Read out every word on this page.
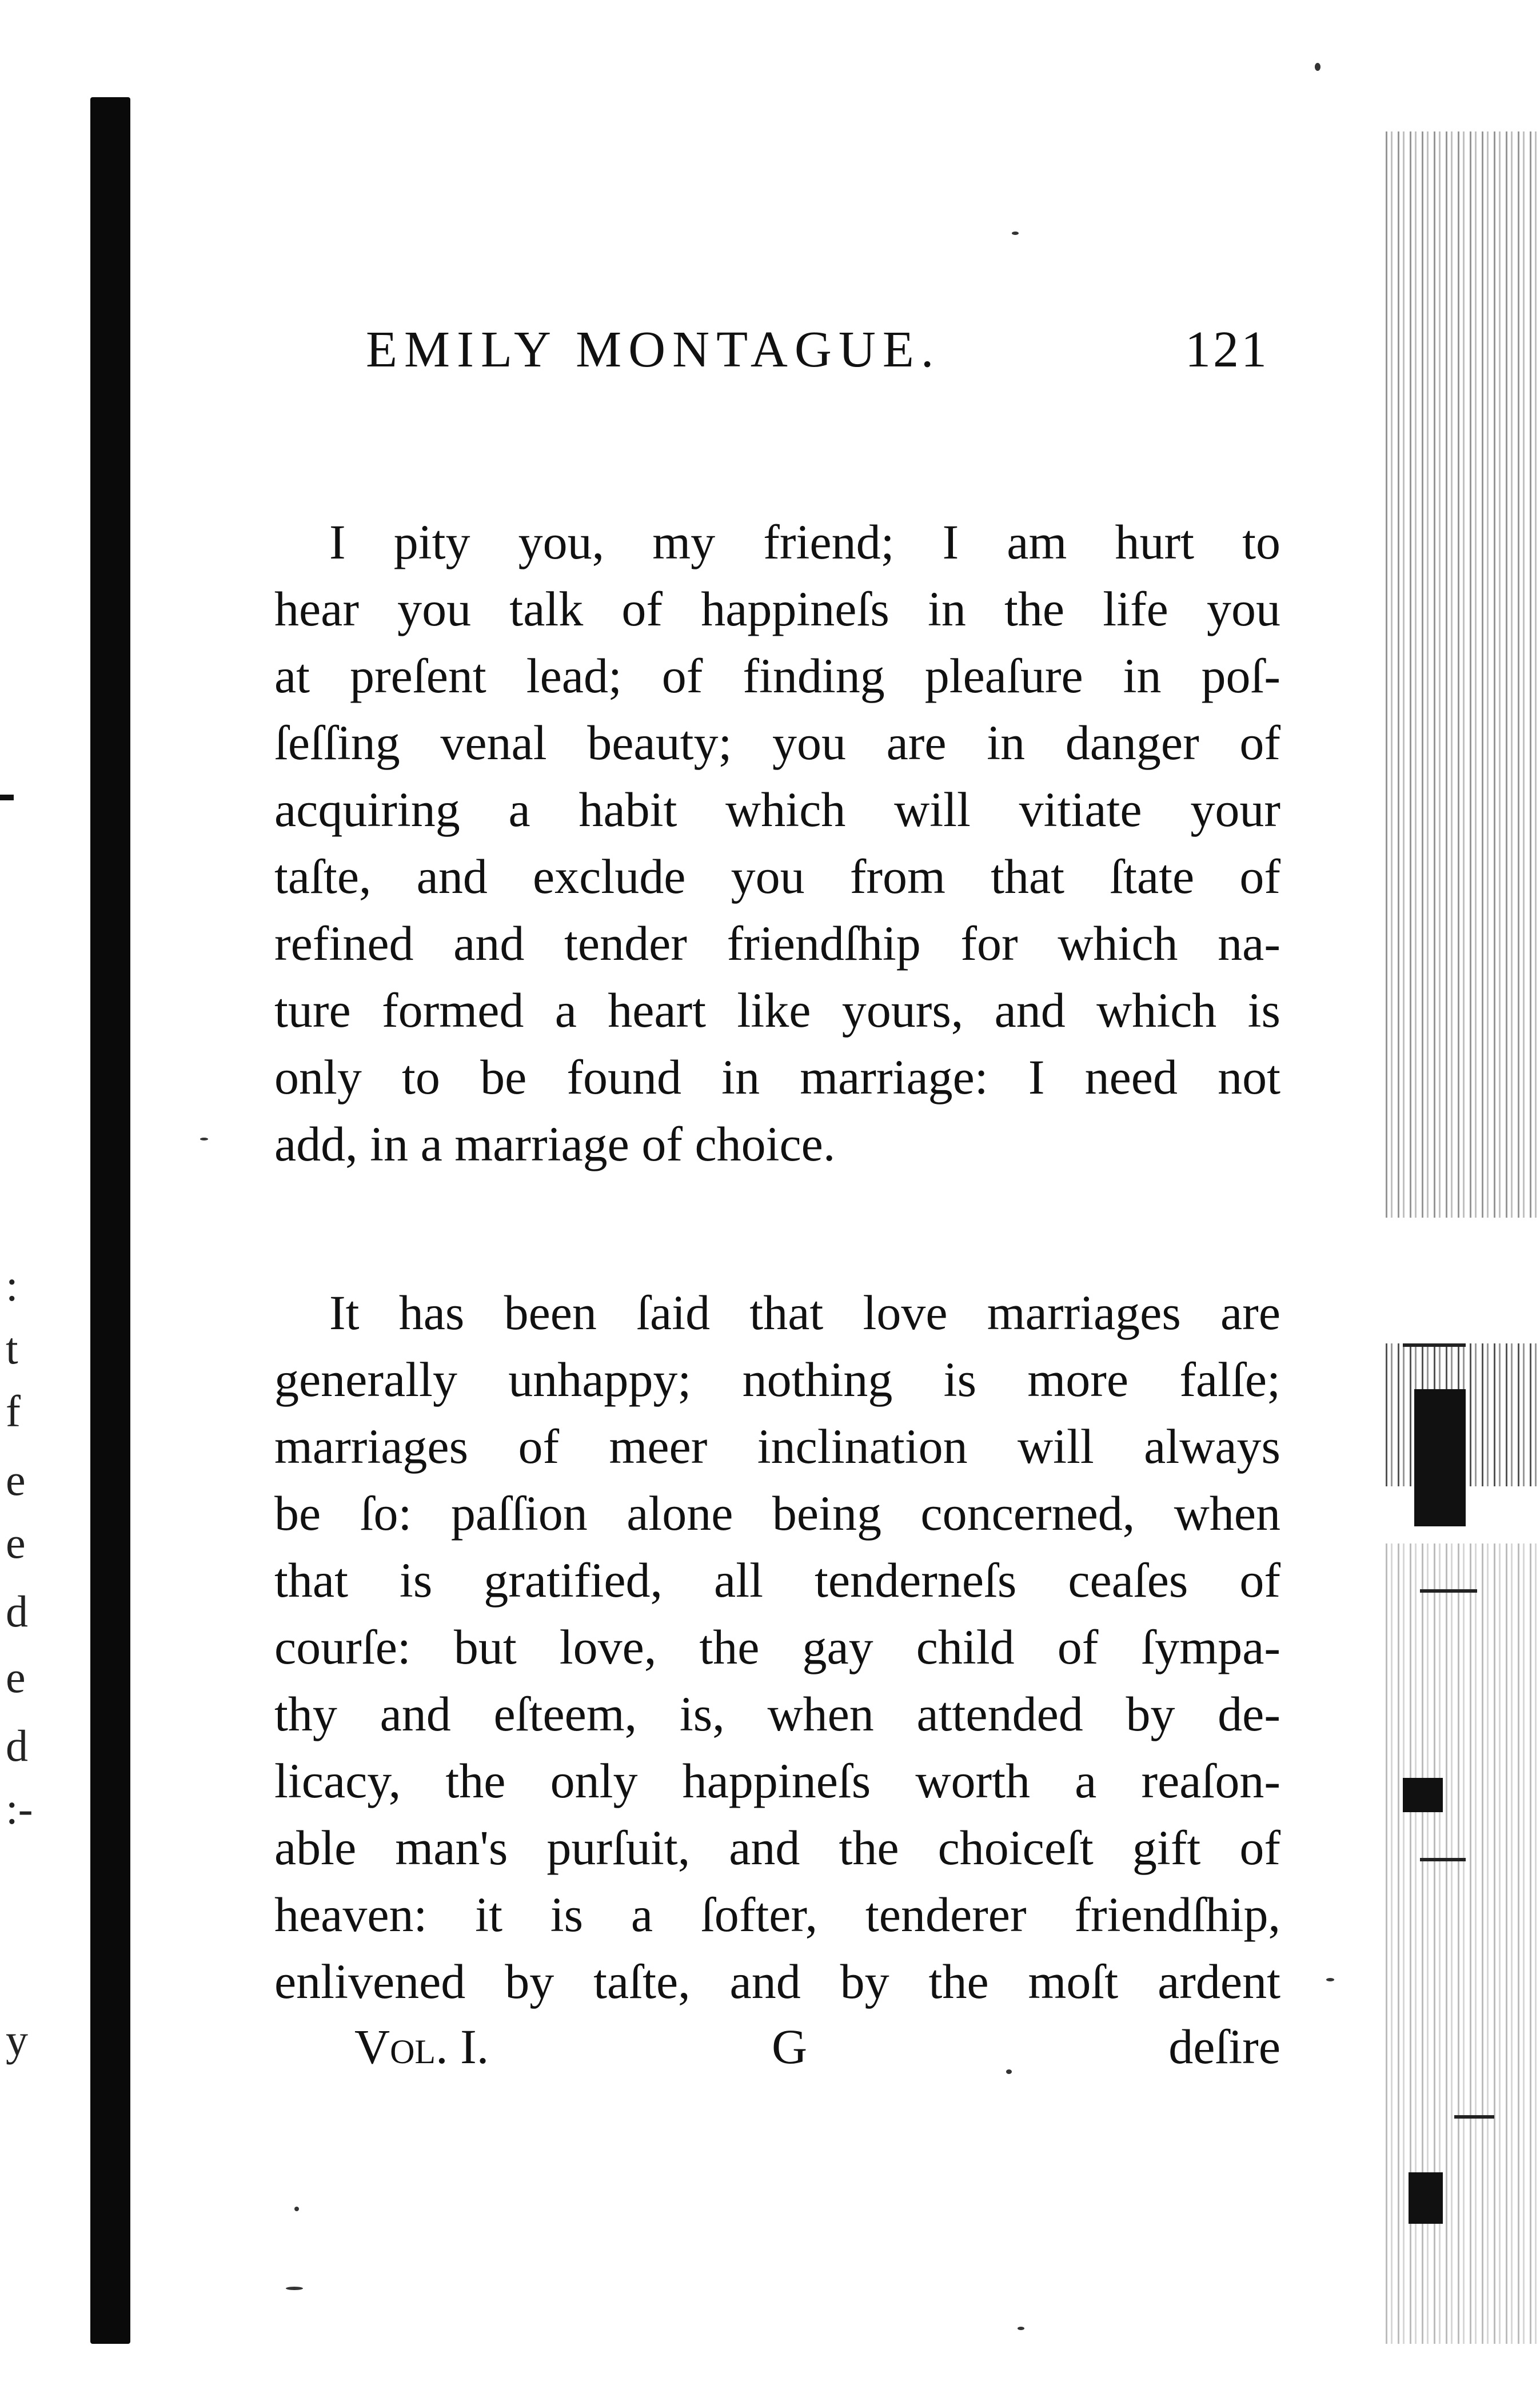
:
t
f
e
e
d
e
d
:-
y
EMILY MONTAGUE.	121
I pity you, my friend; I am hurt to
hear you talk of happineſs in the life you
at preſent lead; of finding pleaſure in poſ-
ſeſſing venal beauty; you are in danger of
acquiring a habit which will vitiate your
taſte, and exclude you from that ſtate of
refined and tender friendſhip for which na-
ture formed a heart like yours, and which is
only to be found in marriage: I need not
add, in a marriage of choice.
It has been ſaid that love marriages are
generally unhappy; nothing is more falſe;
marriages of meer inclination will always
be ſo: paſſion alone being concerned, when
that is gratified, all tenderneſs ceaſes of
courſe: but love, the gay child of ſympa-
thy and eſteem, is, when attended by de-
licacy, the only happineſs worth a reaſon-
able man's purſuit, and the choiceſt gift of
heaven: it is a ſofter, tenderer friendſhip,
enlivened by taſte, and by the moſt ardent
Vol. I.	G	deſire
